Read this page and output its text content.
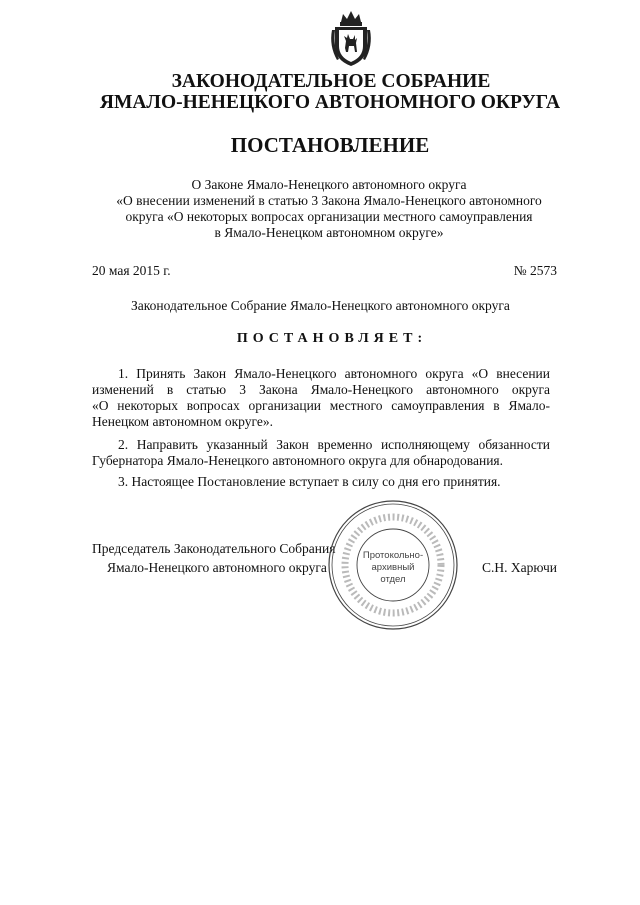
ЗАКОНОДАТЕЛЬНОЕ СОБРАНИЕ
ЯМАЛО-НЕНЕЦКОГО АВТОНОМНОГО ОКРУГА
ПОСТАНОВЛЕНИЕ
О Законе Ямало-Ненецкого автономного округа
«О внесении изменений в статью 3 Закона Ямало-Ненецкого автономного
округа «О некоторых вопросах организации местного самоуправления
в Ямало-Ненецком автономном округе»
20 мая 2015 г.	№ 2573
Законодательное Собрание Ямало-Ненецкого автономного округа
ПОСТАНОВЛЯЕТ:
1. Принять Закон Ямало-Ненецкого автономного округа «О внесении
изменений в статью 3 Закона Ямало-Ненецкого автономного округа
«О некоторых вопросах организации местного самоуправления в Ямало-
Ненецком автономном округе».
2. Направить указанный Закон временно исполняющему обязанности
Губернатора Ямало-Ненецкого автономного округа для обнародования.
3. Настоящее Постановление вступает в силу со дня его принятия.
Председатель Законодательного Собрания
Ямало-Ненецкого автономного округа	С.Н. Харючи
Протокольно-
архивный
отдел
